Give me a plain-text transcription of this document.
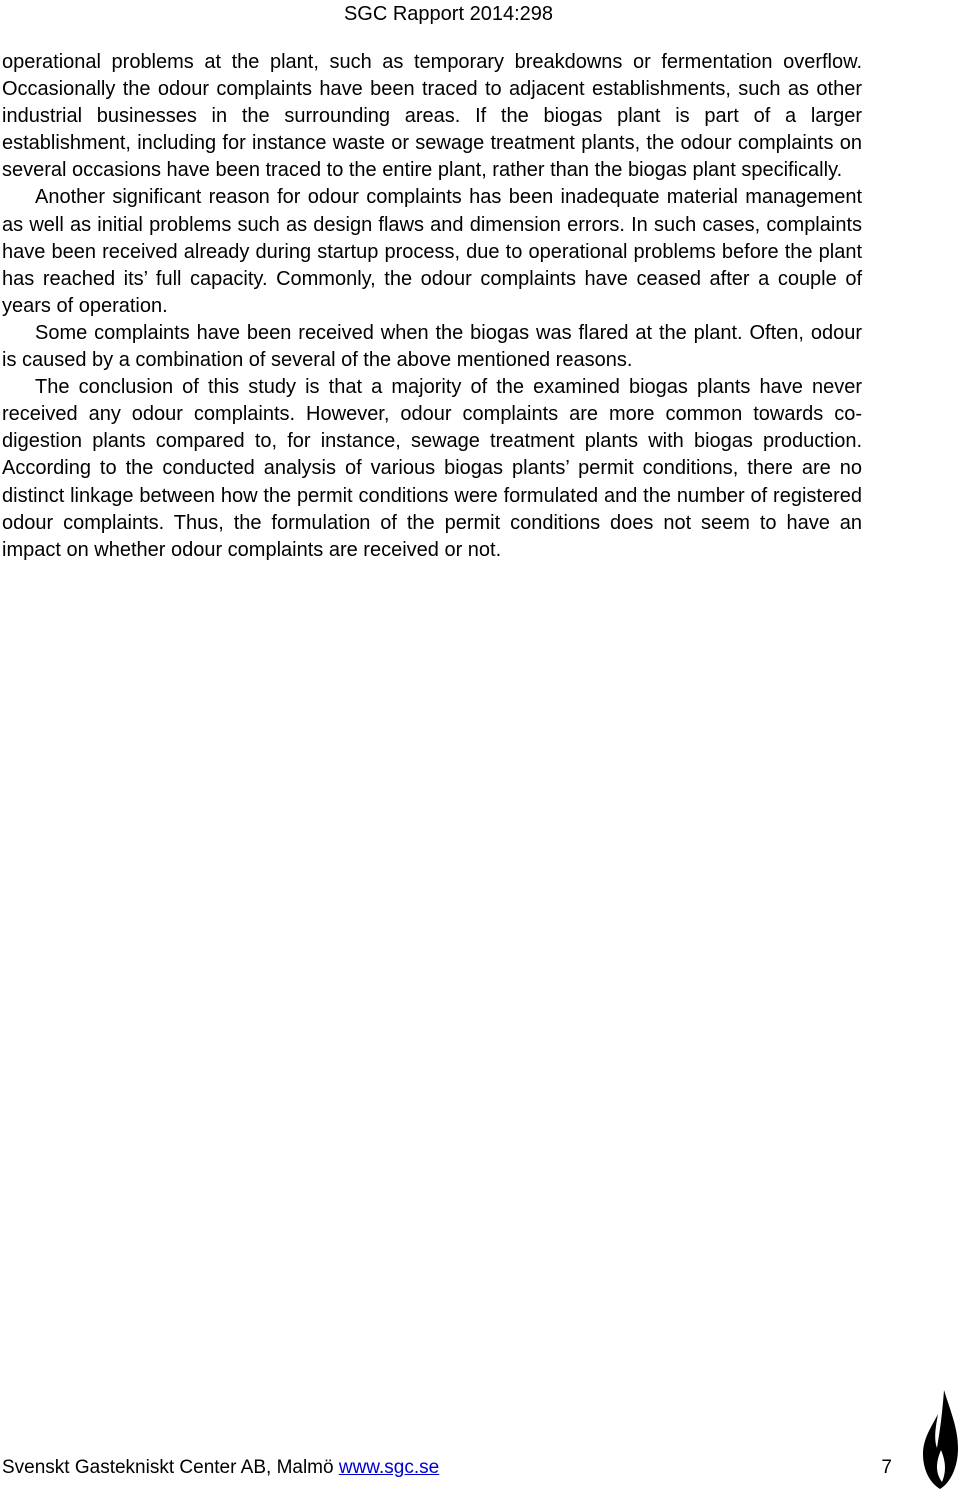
SGC Rapport 2014:298

operational problems at the plant, such as temporary breakdowns or fermentation overflow. Occasionally the odour complaints have been traced to adjacent establishments, such as other industrial businesses in the surrounding areas. If the biogas plant is part of a larger establishment, including for instance waste or sewage treatment plants, the odour complaints on several occasions have been traced to the entire plant, rather than the biogas plant specifically.

Another significant reason for odour complaints has been inadequate material management as well as initial problems such as design flaws and dimension errors. In such cases, complaints have been received already during startup process, due to operational problems before the plant has reached its’ full capacity. Commonly, the odour complaints have ceased after a couple of years of operation.

Some complaints have been received when the biogas was flared at the plant. Often, odour is caused by a combination of several of the above mentioned reasons.

The conclusion of this study is that a majority of the examined biogas plants have never received any odour complaints. However, odour complaints are more common towards co-digestion plants compared to, for instance, sewage treatment plants with biogas production. According to the conducted analysis of various biogas plants’ permit conditions, there are no distinct linkage between how the permit conditions were formulated and the number of registered odour complaints. Thus, the formulation of the permit conditions does not seem to have an impact on whether odour complaints are received or not.

Svenskt Gastekniskt Center AB, Malmö www.sgc.se	7
